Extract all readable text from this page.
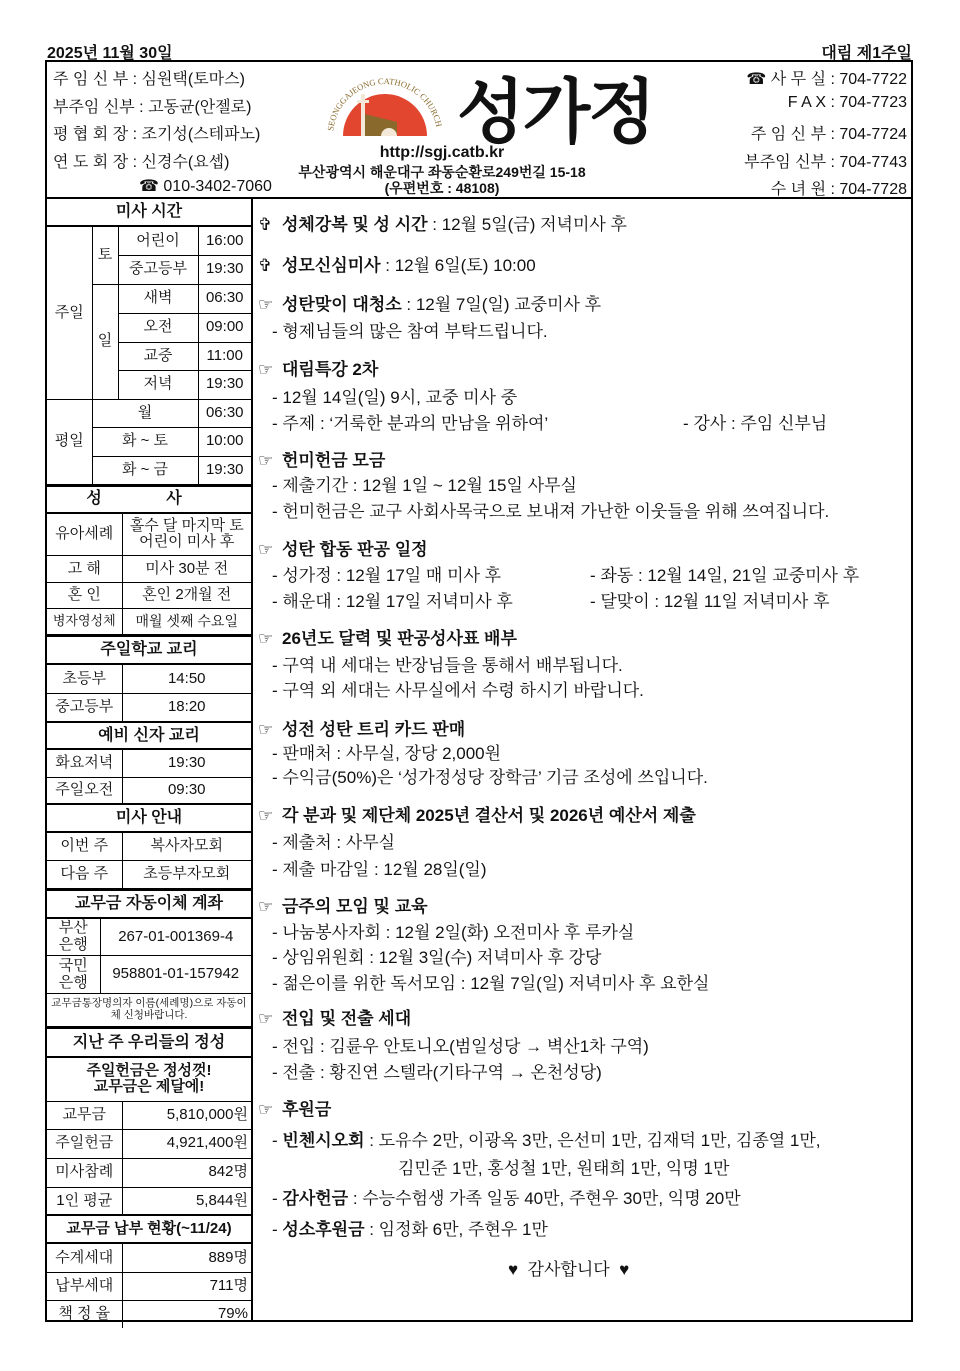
2025년 11월 30일	대림 제1주일
주 임 신 부 : 심원택(토마스)
부주임 신부 : 고동균(안젤로)
평 협 회 장 : 조기성(스테파노)
연 도 회 장 : 신경수(요셉)
☎ 010-3402-7060
SEONGGAJEONG CATHOLIC CHURCH 성가정
http://sgj.catb.kr
부산광역시 해운대구 좌동순환로249번길 15-18
(우편번호 : 48108)
☎ 사 무 실 : 704-7722
F A X : 704-7723
주 임 신 부 : 704-7724
부주임 신부 : 704-7743
수 녀 원 : 704-7728
미사 시간			
주일	토	어린이	16:00
		중고등부	19:30
	일	새벽	06:30
		오전	09:00
		교중	11:00
		저녁	19:30
평일	월		06:30
	화 ~ 토		10:00
	화 ~ 금		19:30
성 사	
유아세례	홀수 달 마지막 토 어린이 미사 후
고 해	미사 30분 전
혼 인	혼인 2개월 전
병자영성체	매월 셋째 수요일
주일학교 교리	
초등부	14:50
중고등부	18:20
예비 신자 교리	
화요저녁	19:30
주일오전	09:30
미사 안내	
이번 주	복사자모회
다음 주	초등부자모회
교무금 자동이체 계좌	
부산 은행	267-01-001369-4
국민 은행	958801-01-157942
교무금통장명의자 이름(세례명)으로 자동이체 신청바랍니다.	
지난 주 우리들의 정성	

주일헌금은 정성껏!
교무금은 제달에!	

교무금	5,810,000원
주일헌금	4,921,400원
미사참례	842명
1인 평균	5,844원
교무금 납부 현황(~11/24)	
수계세대	889명
납부세대	711명
책 정 율	79%
✞ 성체강복 및 성 시간 : 12월 5일(금) 저녁미사 후
✞ 성모신심미사 : 12월 6일(토) 10:00
☞ 성탄맞이 대청소 : 12월 7일(일) 교중미사 후
- 형제님들의 많은 참여 부탁드립니다.
☞ 대림특강 2차
- 12월 14일(일) 9시, 교중 미사 중
- 주제 : ‘거룩한 분과의 만남을 위하여’	- 강사 : 주임 신부님
☞ 헌미헌금 모금
- 제출기간 : 12월 1일 ~ 12월 15일 사무실
- 헌미헌금은 교구 사회사목국으로 보내져 가난한 이웃들을 위해 쓰여집니다.
☞ 성탄 합동 판공 일정
- 성가정 : 12월 17일 매 미사 후	- 좌동 : 12월 14일, 21일 교중미사 후
- 해운대 : 12월 17일 저녁미사 후	- 달맞이 : 12월 11일 저녁미사 후
☞ 26년도 달력 및 판공성사표 배부
- 구역 내 세대는 반장님들을 통해서 배부됩니다.
- 구역 외 세대는 사무실에서 수령 하시기 바랍니다.
☞ 성전 성탄 트리 카드 판매
- 판매처 : 사무실, 장당 2,000원
- 수익금(50%)은 ‘성가정성당 장학금’ 기금 조성에 쓰입니다.
☞ 각 분과 및 제단체 2025년 결산서 및 2026년 예산서 제출
- 제출처 : 사무실
- 제출 마감일 : 12월 28일(일)
☞ 금주의 모임 및 교육
- 나눔봉사자회 : 12월 2일(화) 오전미사 후 루카실
- 상임위원회 : 12월 3일(수) 저녁미사 후 강당
- 젊은이를 위한 독서모임 : 12월 7일(일) 저녁미사 후 요한실
☞ 전입 및 전출 세대
- 전입 : 김륜우 안토니오(범일성당 → 벽산1차 구역)
- 전출 : 황진연 스텔라(기타구역 → 온천성당)
☞ 후원금
- 빈첸시오회 : 도유수 2만, 이광옥 3만, 은선미 1만, 김재덕 1만, 김종열 1만,
김민준 1만, 홍성철 1만, 원태희 1만, 익명 1만
- 감사헌금 : 수능수험생 가족 일동 40만, 주현우 30만, 익명 20만
- 성소후원금 : 임정화 6만, 주현우 1만
♥ 감사합니다 ♥
